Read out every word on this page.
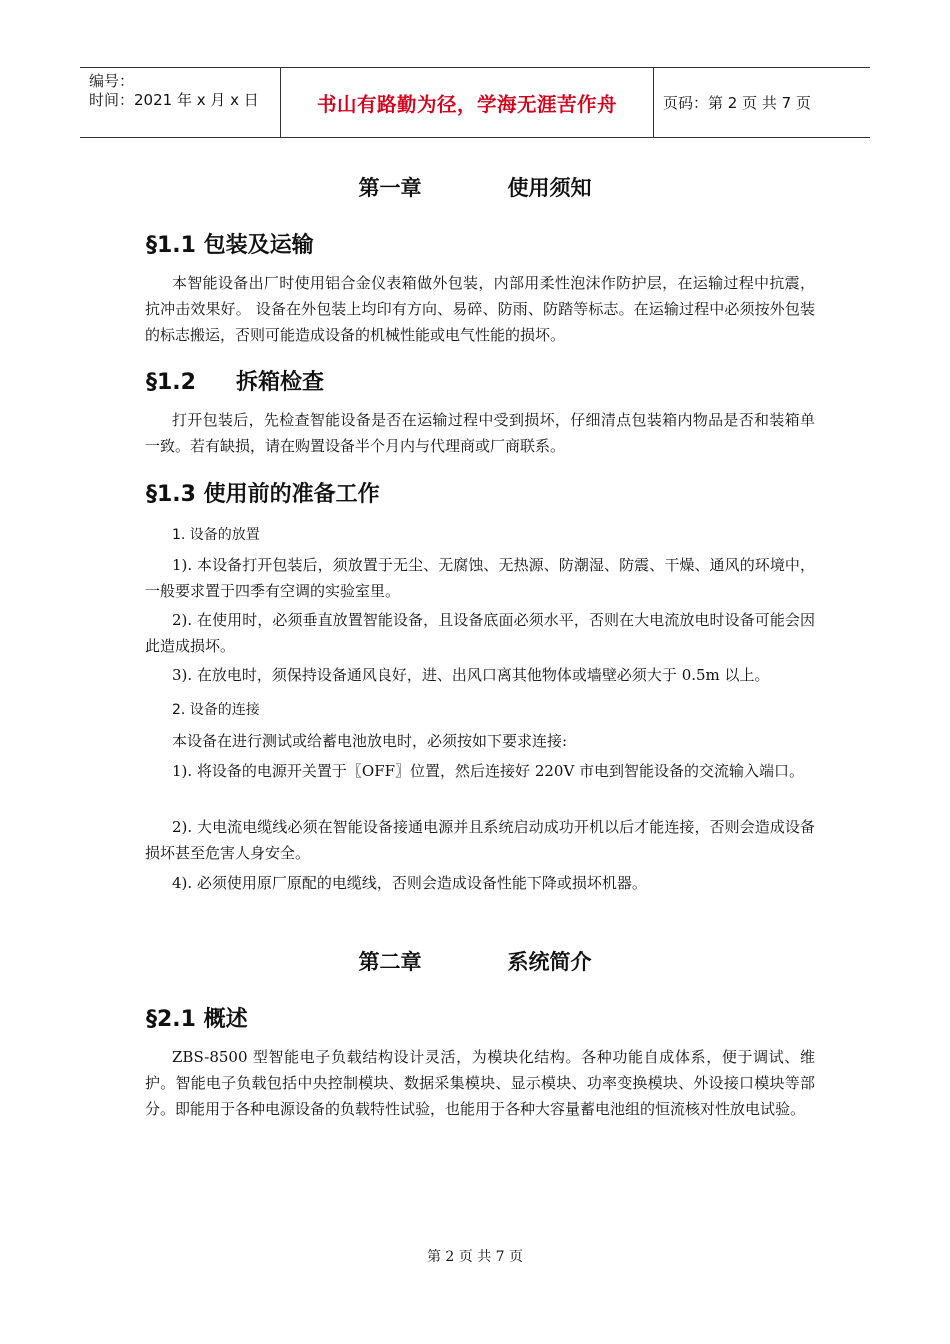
编号：
时间：2021 年 x 月 x 日	书山有路勤为径，学海无涯苦作舟	页码：第 2 页 共 7 页
第一章	使用须知
§1.1 包装及运输
本智能设备出厂时使用铝合金仪表箱做外包装，内部用柔性泡沫作防护层，在运输过程中抗震，抗冲击效果好。 设备在外包装上均印有方向、易碎、防雨、防踏等标志。在运输过程中必须按外包装的标志搬运，否则可能造成设备的机械性能或电气性能的损坏。
§1.2 拆箱检查
打开包装后，先检查智能设备是否在运输过程中受到损坏，仔细清点包装箱内物品是否和装箱单一致。若有缺损，请在购置设备半个月内与代理商或厂商联系。
§1.3 使用前的准备工作
1. 设备的放置
1). 本设备打开包装后，须放置于无尘、无腐蚀、无热源、防潮湿、防震、干燥、通风的环境中，一般要求置于四季有空调的实验室里。
2). 在使用时，必须垂直放置智能设备，且设备底面必须水平，否则在大电流放电时设备可能会因此造成损坏。
3). 在放电时，须保持设备通风良好，进、出风口离其他物体或墙壁必须大于 0.5m 以上。
2. 设备的连接
本设备在进行测试或给蓄电池放电时，必须按如下要求连接:
1). 将设备的电源开关置于〖OFF〗位置，然后连接好 220V 市电到智能设备的交流输入端口。
2). 大电流电缆线必须在智能设备接通电源并且系统启动成功开机以后才能连接，否则会造成设备损坏甚至危害人身安全。
4). 必须使用原厂原配的电缆线，否则会造成设备性能下降或损坏机器。
第二章	系统简介
§2.1 概述
ZBS-8500 型智能电子负载结构设计灵活，为模块化结构。各种功能自成体系，便于调试、维护。智能电子负载包括中央控制模块、数据采集模块、显示模块、功率变换模块、外设接口模块等部分。即能用于各种电源设备的负载特性试验，也能用于各种大容量蓄电池组的恒流核对性放电试验。
第 2 页 共 7 页
